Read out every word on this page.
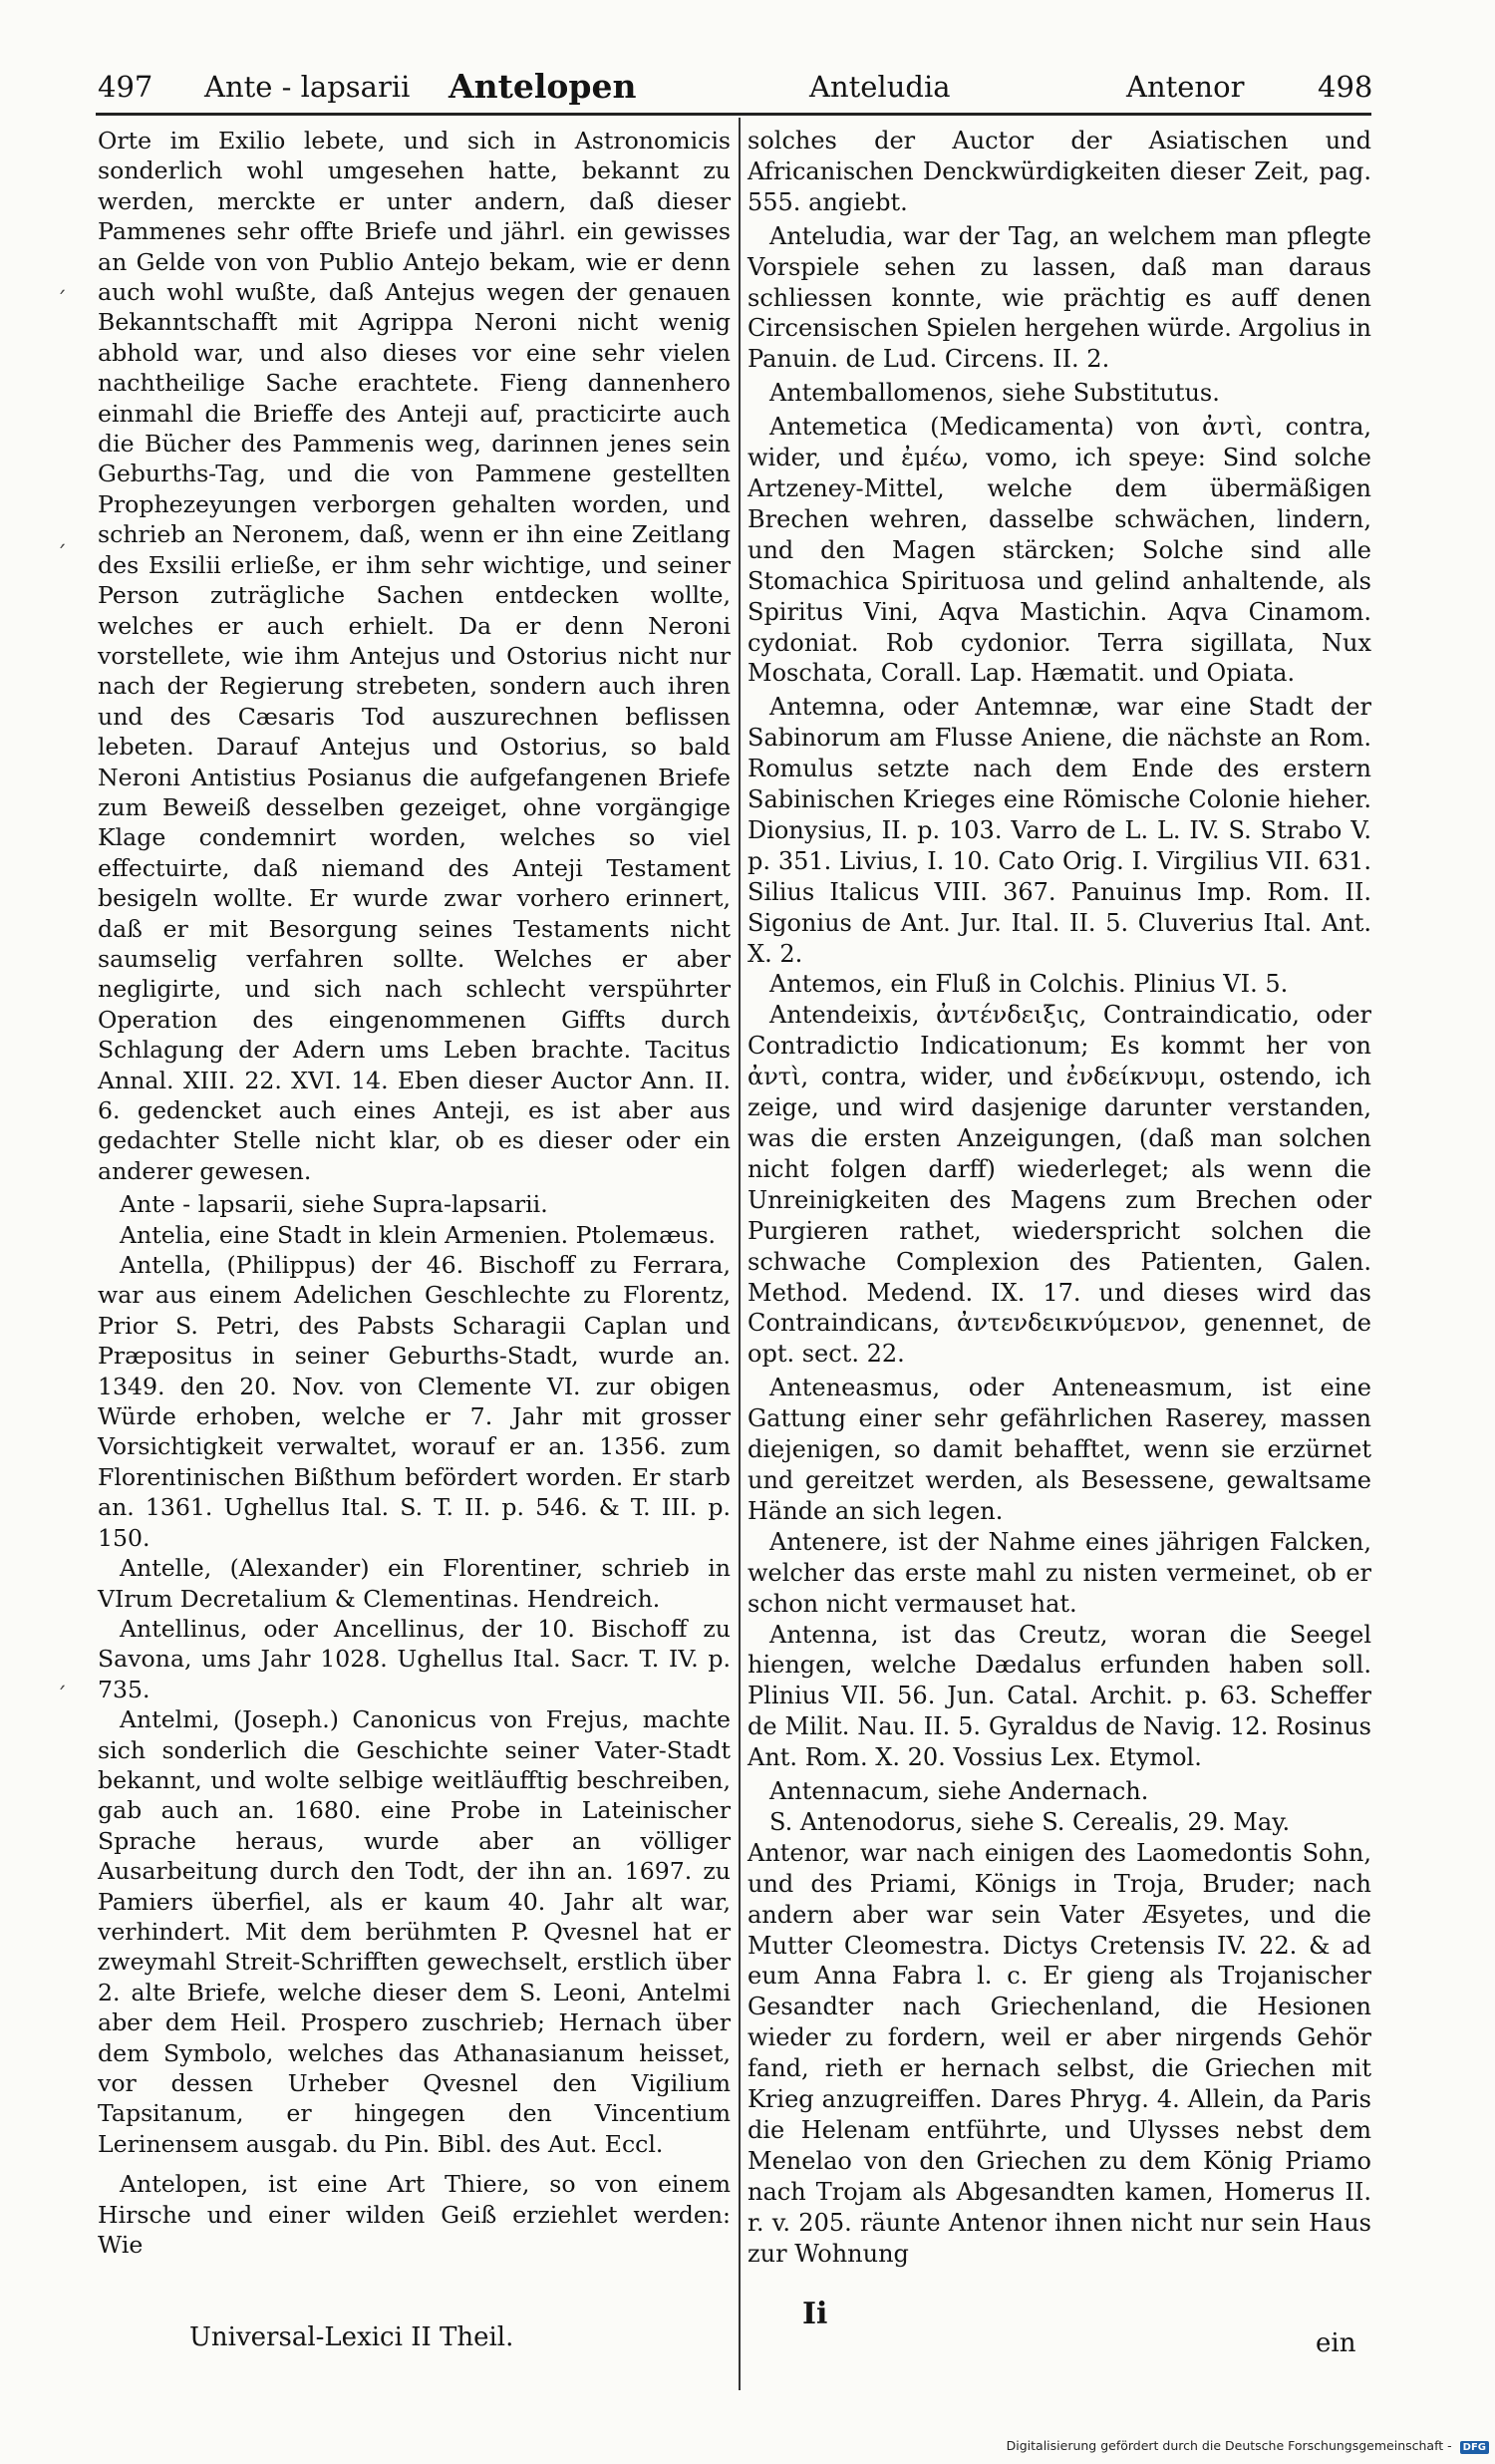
497 Ante - lapsarii Antelopen	Anteludia	Antenor	498
´
´
´

Orte im Exilio lebete, und sich in Astronomicis sonderlich wohl umgesehen hatte, bekannt zu werden, merckte er unter andern, daß dieser Pammenes sehr offte Briefe und jährl. ein gewisses an Gelde von von Publio Antejo bekam, wie er denn auch wohl wußte, daß Antejus wegen der genauen Bekanntschafft mit Agrippa Neroni nicht wenig abhold war, und also dieses vor eine sehr vielen nachtheilige Sache erachtete. Fieng dannenhero einmahl die Brieffe des Anteji auf, practicirte auch die Bücher des Pammenis weg, darinnen jenes sein Geburths-Tag, und die von Pammene gestellten Prophezeyungen verborgen gehalten worden, und schrieb an Neronem, daß, wenn er ihn eine Zeitlang des Exsilii erließe, er ihm sehr wichtige, und seiner Person zuträgliche Sachen entdecken wollte, welches er auch erhielt. Da er denn Neroni vorstellete, wie ihm Antejus und Ostorius nicht nur nach der Regierung strebeten, sondern auch ihren und des Cæsaris Tod auszurechnen beflissen lebeten. Darauf Antejus und Ostorius, so bald Neroni Antistius Posianus die aufgefangenen Briefe zum Beweiß desselben gezeiget, ohne vorgängige Klage condemnirt worden, welches so viel effectuirte, daß niemand des Anteji Testament besigeln wollte. Er wurde zwar vorhero erinnert, daß er mit Besorgung seines Testaments nicht saumselig verfahren sollte. Welches er aber negligirte, und sich nach schlecht verspührter Operation des eingenommenen Giffts durch Schlagung der Adern ums Leben brachte. Tacitus Annal. XIII. 22. XVI. 14. Eben dieser Auctor Ann. II. 6. gedencket auch eines Anteji, es ist aber aus gedachter Stelle nicht klar, ob es dieser oder ein anderer gewesen.

Ante - lapsarii, siehe Supra-lapsarii.

Antelia, eine Stadt in klein Armenien. Ptolemæus.

Antella, (Philippus) der 46. Bischoff zu Ferrara, war aus einem Adelichen Geschlechte zu Florentz, Prior S. Petri, des Pabsts Scharagii Caplan und Præpositus in seiner Geburths-Stadt, wurde an. 1349. den 20. Nov. von Clemente VI. zur obigen Würde erhoben, welche er 7. Jahr mit grosser Vorsichtigkeit verwaltet, worauf er an. 1356. zum Florentinischen Bißthum befördert worden. Er starb an. 1361. Ughellus Ital. S. T. II. p. 546. & T. III. p. 150.

Antelle, (Alexander) ein Florentiner, schrieb in VIrum Decretalium & Clementinas. Hendreich.

Antellinus, oder Ancellinus, der 10. Bischoff zu Savona, ums Jahr 1028. Ughellus Ital. Sacr. T. IV. p. 735.

Antelmi, (Joseph.) Canonicus von Frejus, machte sich sonderlich die Geschichte seiner Vater-Stadt bekannt, und wolte selbige weitläufftig beschreiben, gab auch an. 1680. eine Probe in Lateinischer Sprache heraus, wurde aber an völliger Ausarbeitung durch den Todt, der ihn an. 1697. zu Pamiers überfiel, als er kaum 40. Jahr alt war, verhindert. Mit dem berühmten P. Qvesnel hat er zweymahl Streit-Schrifften gewechselt, erstlich über 2. alte Briefe, welche dieser dem S. Leoni, Antelmi aber dem Heil. Prospero zuschrieb; Hernach über dem Symbolo, welches das Athanasianum heisset, vor dessen Urheber Qvesnel den Vigilium Tapsitanum, er hingegen den Vincentium Lerinensem ausgab. du Pin. Bibl. des Aut. Eccl.

Antelopen, ist eine Art Thiere, so von einem Hirsche und einer wilden Geiß erziehlet werden: Wie

solches der Auctor der Asiatischen und Africanischen Denckwürdigkeiten dieser Zeit, pag. 555. angiebt.

Anteludia, war der Tag, an welchem man pflegte Vorspiele sehen zu lassen, daß man daraus schliessen konnte, wie prächtig es auff denen Circensischen Spielen hergehen würde. Argolius in Panuin. de Lud. Circens. II. 2.

Antemballomenos, siehe Substitutus.

Antemetica (Medicamenta) von ἀντὶ, contra, wider, und ἐμέω, vomo, ich speye: Sind solche Artzeney-Mittel, welche dem übermäßigen Brechen wehren, dasselbe schwächen, lindern, und den Magen stärcken; Solche sind alle Stomachica Spirituosa und gelind anhaltende, als Spiritus Vini, Aqva Mastichin. Aqva Cinamom. cydoniat. Rob cydonior. Terra sigillata, Nux Moschata, Corall. Lap. Hæmatit. und Opiata.

Antemna, oder Antemnæ, war eine Stadt der Sabinorum am Flusse Aniene, die nächste an Rom. Romulus setzte nach dem Ende des erstern Sabinischen Krieges eine Römische Colonie hieher. Dionysius, II. p. 103. Varro de L. L. IV. S. Strabo V. p. 351. Livius, I. 10. Cato Orig. I. Virgilius VII. 631. Silius Italicus VIII. 367. Panuinus Imp. Rom. II. Sigonius de Ant. Jur. Ital. II. 5. Cluverius Ital. Ant. X. 2.

Antemos, ein Fluß in Colchis. Plinius VI. 5.

Antendeixis, ἀντένδειξις, Contraindicatio, oder Contradictio Indicationum; Es kommt her von ἀντὶ, contra, wider, und ἐνδείκνυμι, ostendo, ich zeige, und wird dasjenige darunter verstanden, was die ersten Anzeigungen, (daß man solchen nicht folgen darff) wiederleget; als wenn die Unreinigkeiten des Magens zum Brechen oder Purgieren rathet, wiederspricht solchen die schwache Complexion des Patienten, Galen. Method. Medend. IX. 17. und dieses wird das Contraindicans, ἀντενδεικνύμενον, genennet, de opt. sect. 22.

Anteneasmus, oder Anteneasmum, ist eine Gattung einer sehr gefährlichen Raserey, massen diejenigen, so damit behafftet, wenn sie erzürnet und gereitzet werden, als Besessene, gewaltsame Hände an sich legen.

Antenere, ist der Nahme eines jährigen Falcken, welcher das erste mahl zu nisten vermeinet, ob er schon nicht vermauset hat.

Antenna, ist das Creutz, woran die Seegel hiengen, welche Dædalus erfunden haben soll. Plinius VII. 56. Jun. Catal. Archit. p. 63. Scheffer de Milit. Nau. II. 5. Gyraldus de Navig. 12. Rosinus Ant. Rom. X. 20. Vossius Lex. Etymol.

Antennacum, siehe Andernach.

S. Antenodorus, siehe S. Cerealis, 29. May.

Antenor, war nach einigen des Laomedontis Sohn, und des Priami, Königs in Troja, Bruder; nach andern aber war sein Vater Æsyetes, und die Mutter Cleomestra. Dictys Cretensis IV. 22. & ad eum Anna Fabra l. c. Er gieng als Trojanischer Gesandter nach Griechenland, die Hesionen wieder zu fordern, weil er aber nirgends Gehör fand, rieth er hernach selbst, die Griechen mit Krieg anzugreiffen. Dares Phryg. 4. Allein, da Paris die Helenam entführte, und Ulysses nebst dem Menelao von den Griechen zu dem König Priamo nach Trojam als Abgesandten kamen, Homerus II. r. v. 205. räunte Antenor ihnen nicht nur sein Haus zur Wohnung

Universal-Lexici II Theil.
Ii
ein
Digitalisierung gefördert durch die Deutsche Forschungsgemeinschaft - DFG
